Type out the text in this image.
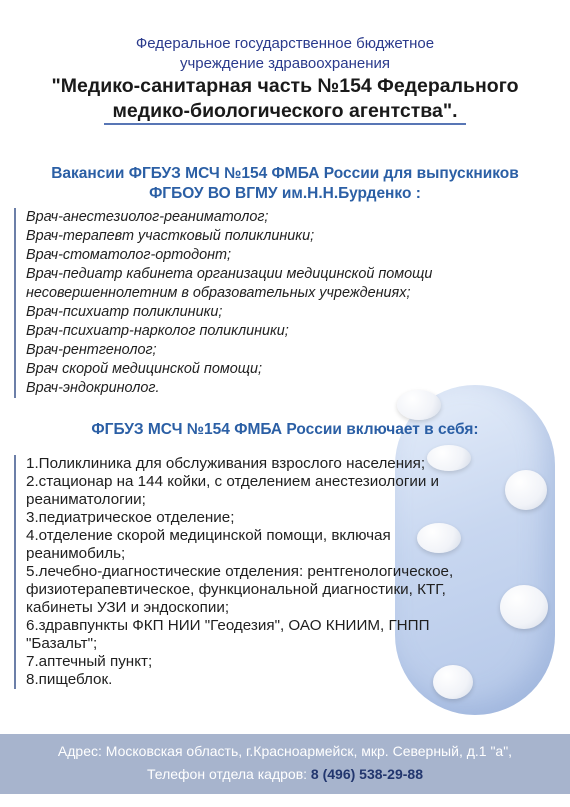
Федеральное государственное бюджетное
учреждение здравоохранения
"Медико-санитарная часть №154 Федерального
медико-биологического агентства".
Вакансии ФГБУЗ МСЧ №154 ФМБА России для выпускников
ФГБОУ ВО ВГМУ им.Н.Н.Бурденко :
Врач-анестезиолог-реаниматолог;
Врач-терапевт участковый поликлиники;
Врач-стоматолог-ортодонт;
Врач-педиатр кабинета организации медицинской помощи
несовершеннолетним в образовательных учреждениях;
Врач-психиатр поликлиники;
Врач-психиатр-нарколог поликлиники;
Врач-рентгенолог;
Врач скорой медицинской помощи;
Врач-эндокринолог.
ФГБУЗ МСЧ №154 ФМБА России включает в себя:
1.Поликлиника для обслуживания взрослого населения;
2.стационар на 144 койки, с отделением анестезиологии и
реаниматологии;
3.педиатрическое отделение;
4.отделение скорой медицинской помощи, включая
реанимобиль;
5.лечебно-диагностические отделения: рентгенологическое,
физиотерапевтическое, функциональной диагностики, КТГ,
кабинеты УЗИ и эндоскопии;
6.здравпункты ФКП НИИ "Геодезия", ОАО КНИИМ, ГНПП
"Базальт";
7.аптечный пункт;
8.пищеблок.
Адрес: Московская область, г.Красноармейск, мкр. Северный, д.1 "а",
Телефон отдела кадров: 8 (496) 538-29-88
